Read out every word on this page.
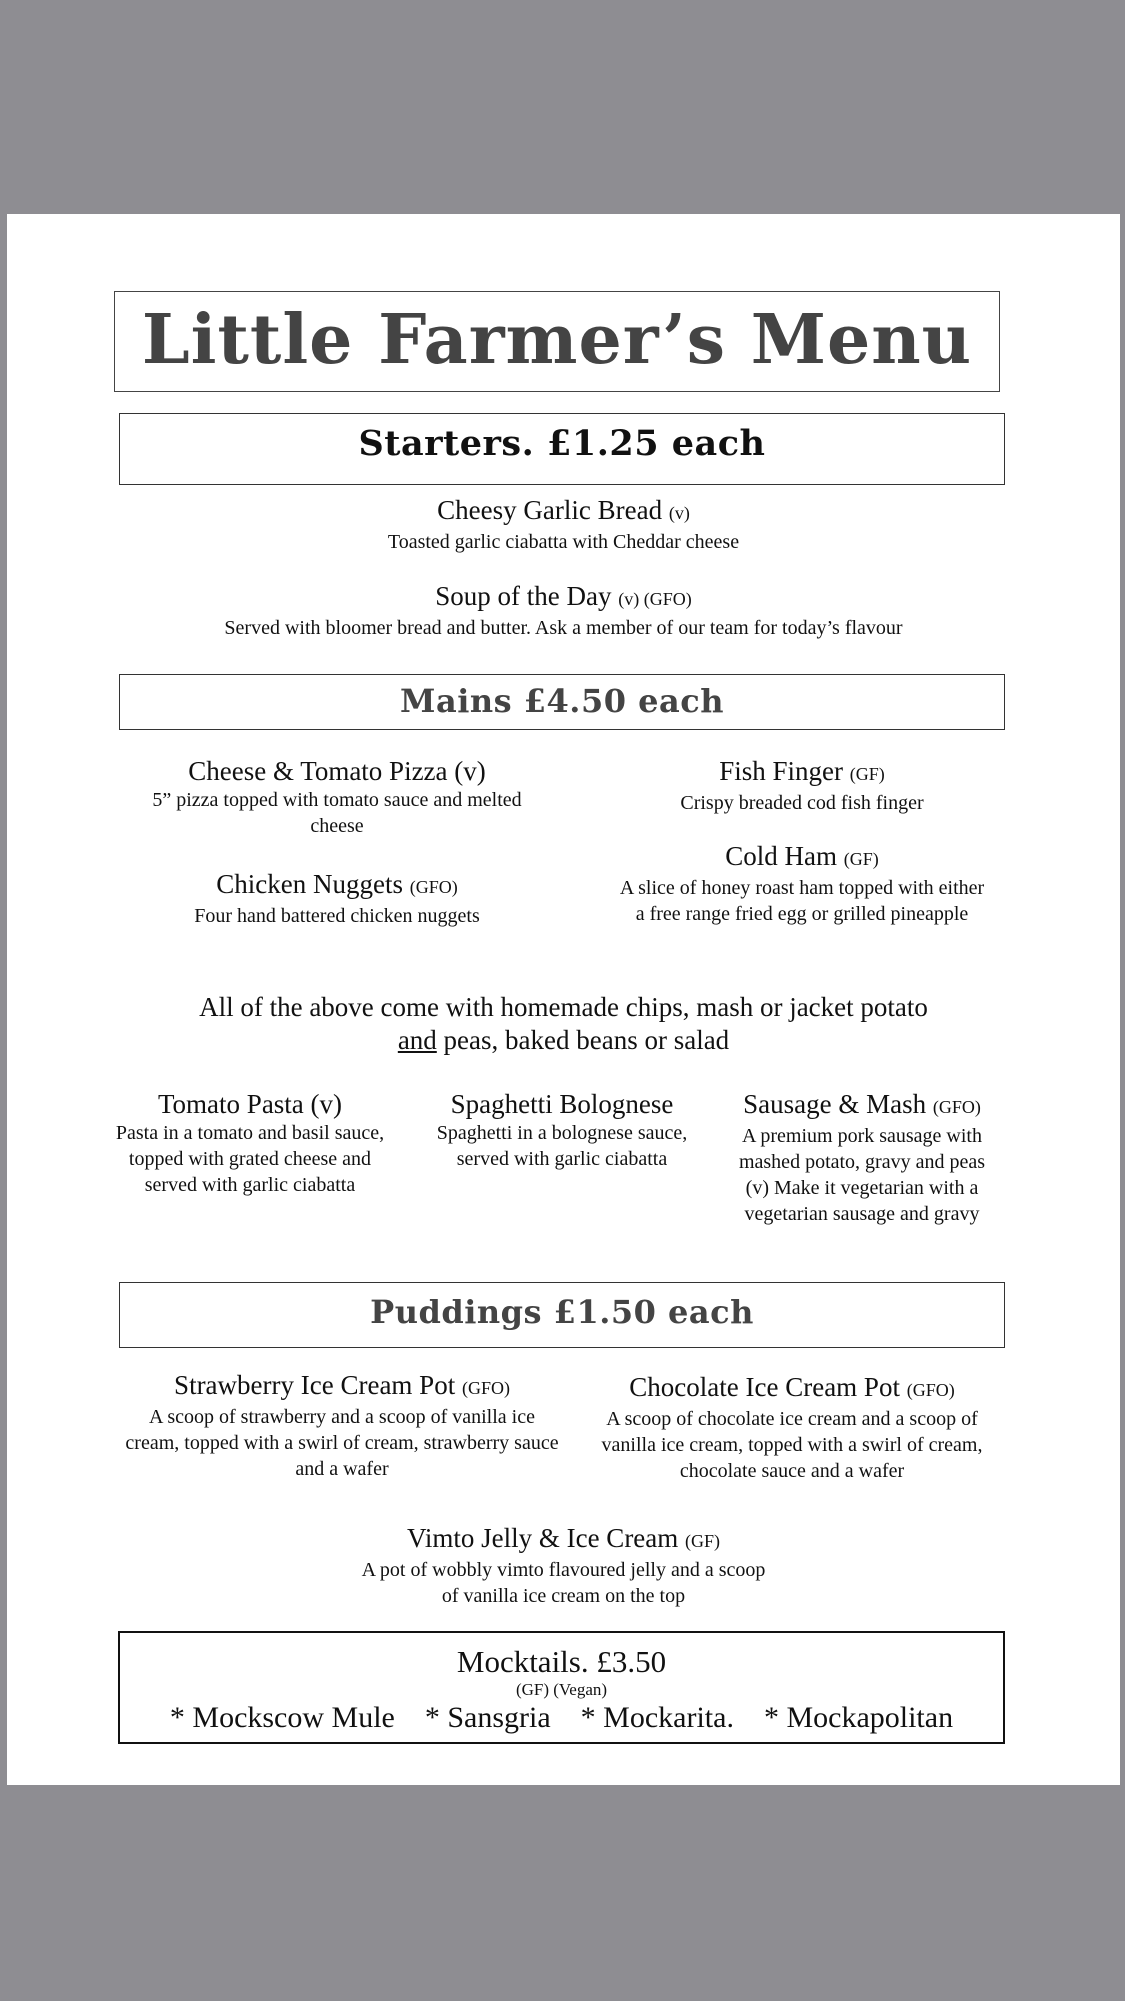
Little Farmer’s Menu
Starters. £1.25 each
Cheesy Garlic Bread (v)
Toasted garlic ciabatta with Cheddar cheese
Soup of the Day (v) (GFO)
Served with bloomer bread and butter. Ask a member of our team for today’s flavour
Mains £4.50 each
Cheese & Tomato Pizza (v)
5” pizza topped with tomato sauce and melted cheese
Fish Finger (GF)
Crispy breaded cod fish finger
Chicken Nuggets (GFO)
Four hand battered chicken nuggets
Cold Ham (GF)
A slice of honey roast ham topped with either a free range fried egg or grilled pineapple
All of the above come with homemade chips, mash or jacket potato
and peas, baked beans or salad
Tomato Pasta (v)
Pasta in a tomato and basil sauce, topped with grated cheese and served with garlic ciabatta
Spaghetti Bolognese
Spaghetti in a bolognese sauce, served with garlic ciabatta
Sausage & Mash (GFO)
A premium pork sausage with mashed potato, gravy and peas
(v) Make it vegetarian with a vegetarian sausage and gravy
Puddings £1.50 each
Strawberry Ice Cream Pot (GFO)
A scoop of strawberry and a scoop of vanilla ice cream, topped with a swirl of cream, strawberry sauce and a wafer
Chocolate Ice Cream Pot (GFO)
A scoop of chocolate ice cream and a scoop of vanilla ice cream, topped with a swirl of cream, chocolate sauce and a wafer
Vimto Jelly & Ice Cream (GF)
A pot of wobbly vimto flavoured jelly and a scoop of vanilla ice cream on the top
Mocktails. £3.50
(GF) (Vegan)
* Mockscow Mule    * Sansgria    * Mockarita.    * Mockapolitan
